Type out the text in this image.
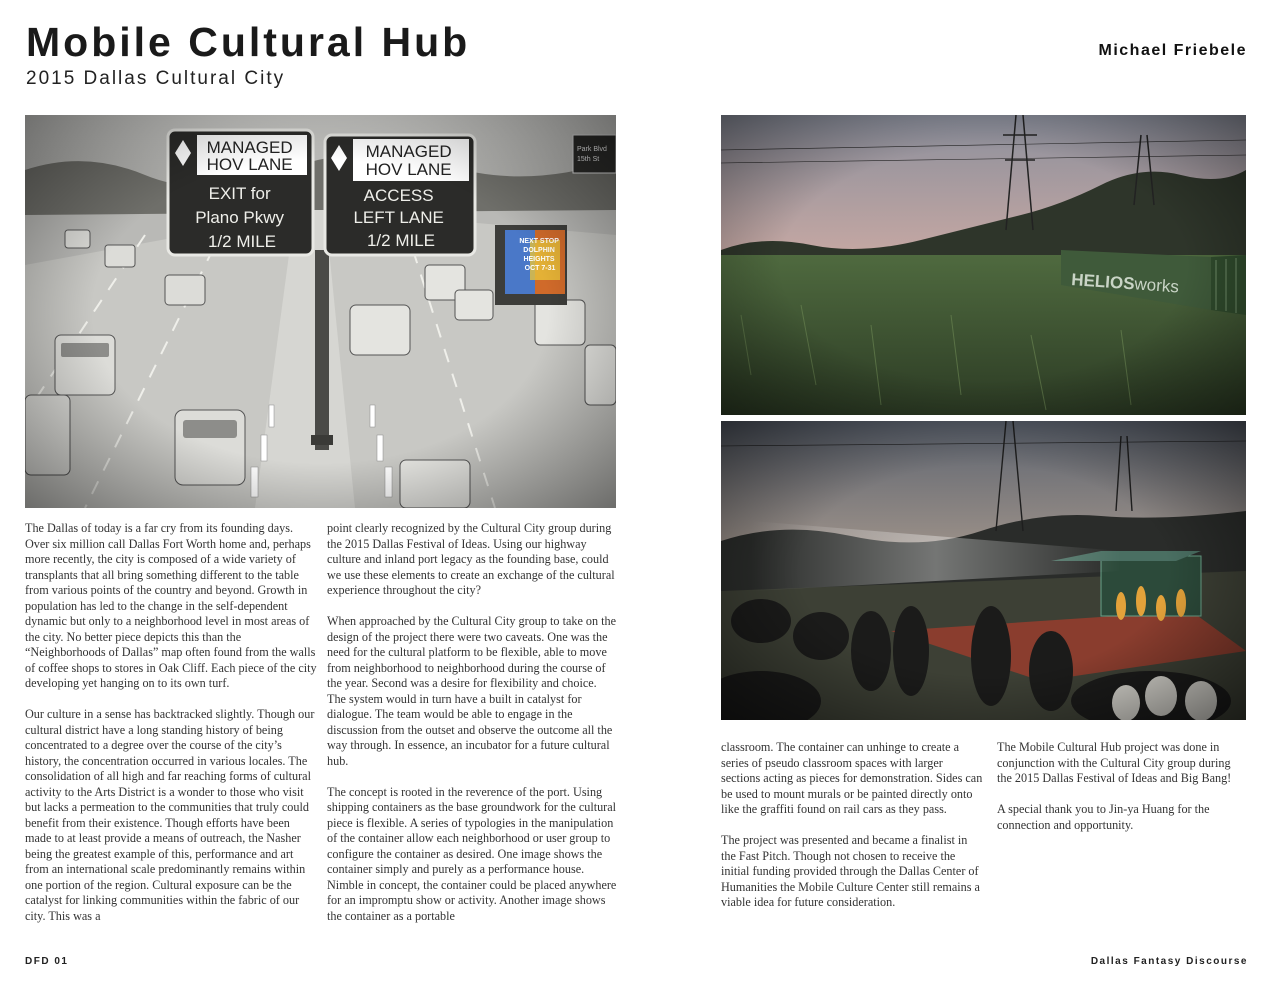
Mobile Cultural Hub
2015 Dallas Cultural City
Michael Friebele

The Dallas of today is a far cry from its founding days. Over six million call Dallas Fort Worth home and, perhaps more recently, the city is composed of a wide variety of transplants that all bring something different to the table from various points of the country and beyond. Growth in population has led to the change in the self-dependent dynamic but only to a neighborhood level in most areas of the city. No better piece depicts this than the “Neighborhoods of Dallas” map often found from the walls of coffee shops to stores in Oak Cliff. Each piece of the city developing yet hanging on to its own turf.

Our culture in a sense has backtracked slightly. Though our cultural district have a long standing history of being concentrated to a degree over the course of the city’s history, the concentration occurred in various locales. The consolidation of all high and far reaching forms of cultural activity to the Arts District is a wonder to those who visit but lacks a permeation to the communities that truly could benefit from their existence. Though efforts have been made to at least provide a means of outreach, the Nasher being the greatest example of this, performance and art from an international scale predominantly remains within one portion of the region. Cultural exposure can be the catalyst for linking communities within the fabric of our city. This was a

point clearly recognized by the Cultural City group during the 2015 Dallas Festival of Ideas. Using our highway culture and inland port legacy as the founding base, could we use these elements to create an exchange of the cultural experience throughout the city?

When approached by the Cultural City group to take on the design of the project there were two caveats. One was the need for the cultural platform to be flexible, able to move from neighborhood to neighborhood during the course of the year. Second was a desire for flexibility and choice. The system would in turn have a built in catalyst for dialogue. The team would be able to engage in the discussion from the outset and observe the outcome all the way through. In essence, an incubator for a future cultural hub.

The concept is rooted in the reverence of the port. Using shipping containers as the base groundwork for the cultural piece is flexible. A series of typologies in the manipulation of the container allow each neighborhood or user group to configure the container as desired. One image shows the container simply and purely as a performance house. Nimble in concept, the container could be placed anywhere for an impromptu show or activity. Another image shows the container as a portable

classroom. The container can unhinge to create a series of pseudo classroom spaces with larger sections acting as pieces for demonstration. Sides can be used to mount murals or be painted directly onto like the graffiti found on rail cars as they pass.

The project was presented and became a finalist in the Fast Pitch. Though not chosen to receive the initial funding provided through the Dallas Center of Humanities the Mobile Culture Center still remains a viable idea for future consideration.

The Mobile Cultural Hub project was done in conjunction with the Cultural City group during the 2015 Dallas Festival of Ideas and Big Bang!

A special thank you to Jin-ya Huang for the connection and opportunity.

DFD 01	Dallas Fantasy Discourse
